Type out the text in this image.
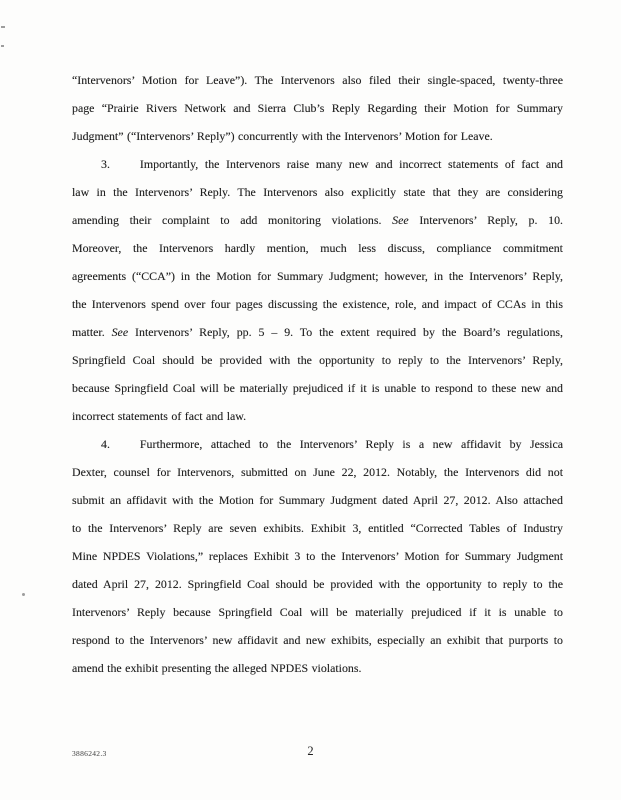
“Intervenors’ Motion for Leave”). The Intervenors also filed their single-spaced, twenty-three
page “Prairie Rivers Network and Sierra Club’s Reply Regarding their Motion for Summary
Judgment” (“Intervenors’ Reply”) concurrently with the Intervenors’ Motion for Leave.
3.	Importantly, the Intervenors raise many new and incorrect statements of fact and
law in the Intervenors’ Reply. The Intervenors also explicitly state that they are considering
amending their complaint to add monitoring violations. See Intervenors’ Reply, p. 10.
Moreover, the Intervenors hardly mention, much less discuss, compliance commitment
agreements (“CCA”) in the Motion for Summary Judgment; however, in the Intervenors’ Reply,
the Intervenors spend over four pages discussing the existence, role, and impact of CCAs in this
matter. See Intervenors’ Reply, pp. 5 – 9. To the extent required by the Board’s regulations,
Springfield Coal should be provided with the opportunity to reply to the Intervenors’ Reply,
because Springfield Coal will be materially prejudiced if it is unable to respond to these new and
incorrect statements of fact and law.
4.	Furthermore, attached to the Intervenors’ Reply is a new affidavit by Jessica
Dexter, counsel for Intervenors, submitted on June 22, 2012. Notably, the Intervenors did not
submit an affidavit with the Motion for Summary Judgment dated April 27, 2012. Also attached
to the Intervenors’ Reply are seven exhibits. Exhibit 3, entitled “Corrected Tables of Industry
Mine NPDES Violations,” replaces Exhibit 3 to the Intervenors’ Motion for Summary Judgment
dated April 27, 2012. Springfield Coal should be provided with the opportunity to reply to the
Intervenors’ Reply because Springfield Coal will be materially prejudiced if it is unable to
respond to the Intervenors’ new affidavit and new exhibits, especially an exhibit that purports to
amend the exhibit presenting the alleged NPDES violations.
3886242.3	2
